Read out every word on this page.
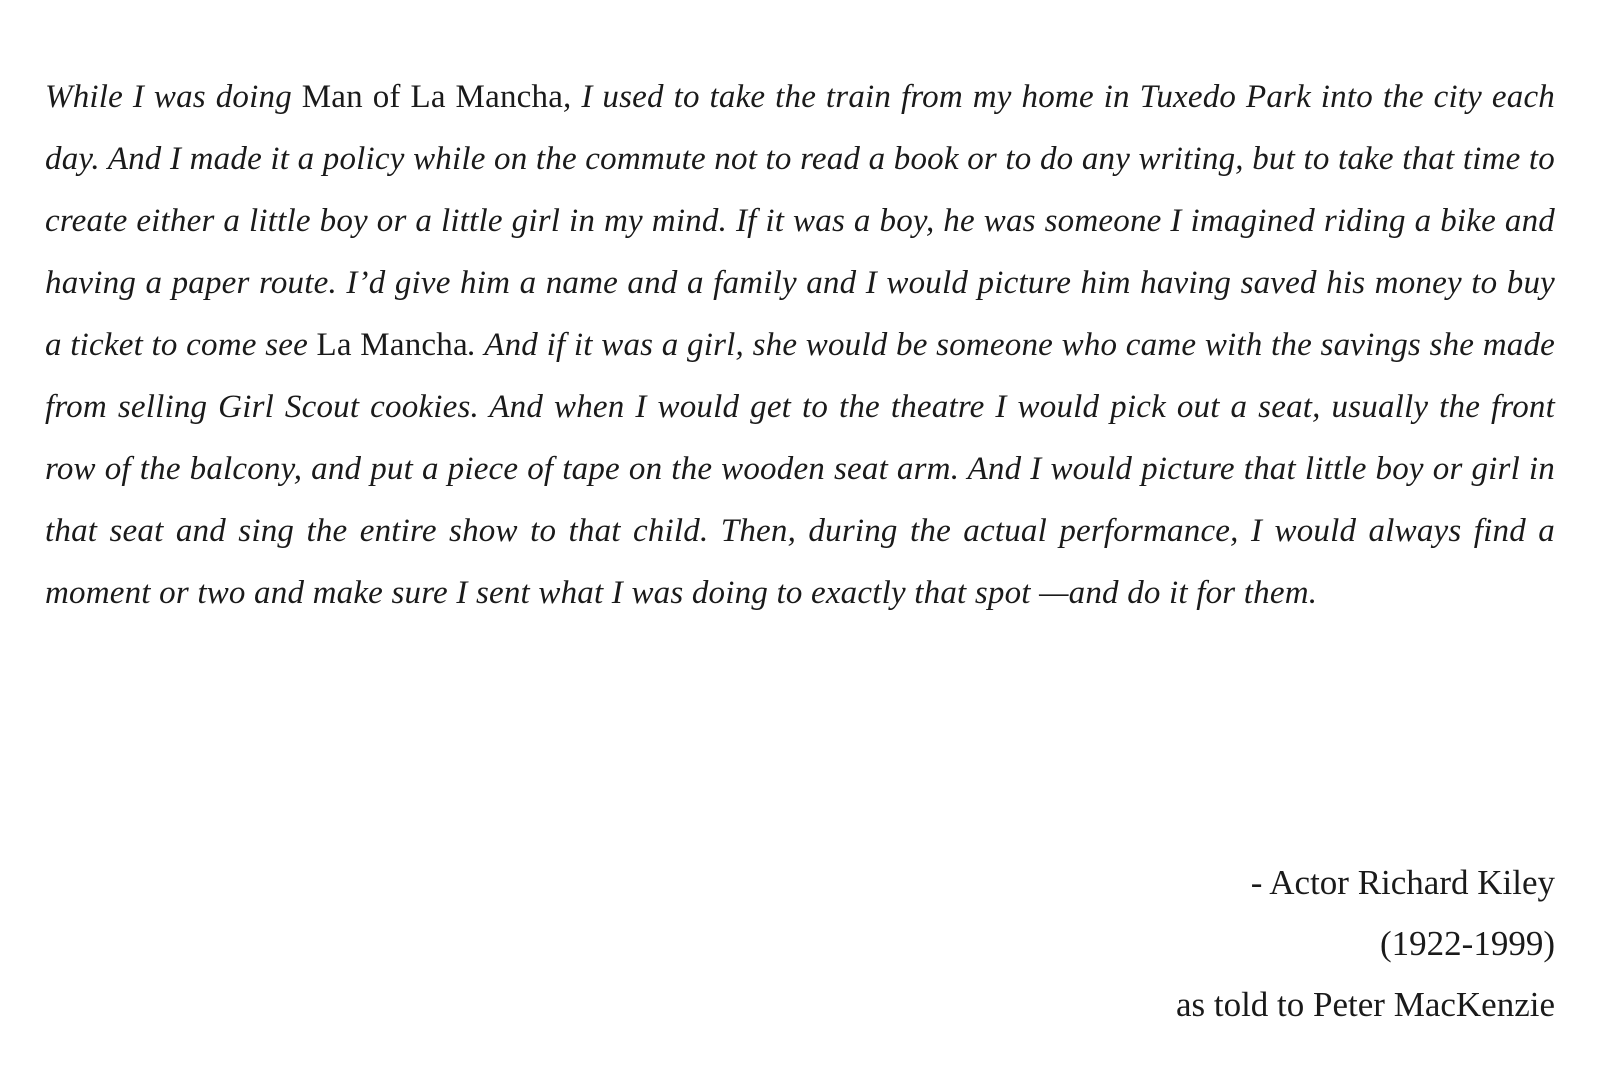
While I was doing Man of La Mancha, I used to take the train from my home in Tuxedo Park into the city each day. And I made it a policy while on the commute not to read a book or to do any writing, but to take that time to create either a little boy or a little girl in my mind. If it was a boy, he was someone I imagined riding a bike and having a paper route. I’d give him a name and a family and I would picture him having saved his money to buy a ticket to come see La Mancha. And if it was a girl, she would be someone who came with the savings she made from selling Girl Scout cookies. And when I would get to the theatre I would pick out a seat, usually the front row of the balcony, and put a piece of tape on the wooden seat arm. And I would picture that little boy or girl in that seat and sing the entire show to that child. Then, during the actual performance, I would always find a moment or two and make sure I sent what I was doing to exactly that spot —and do it for them.
- Actor Richard Kiley
(1922-1999)
as told to Peter MacKenzie
